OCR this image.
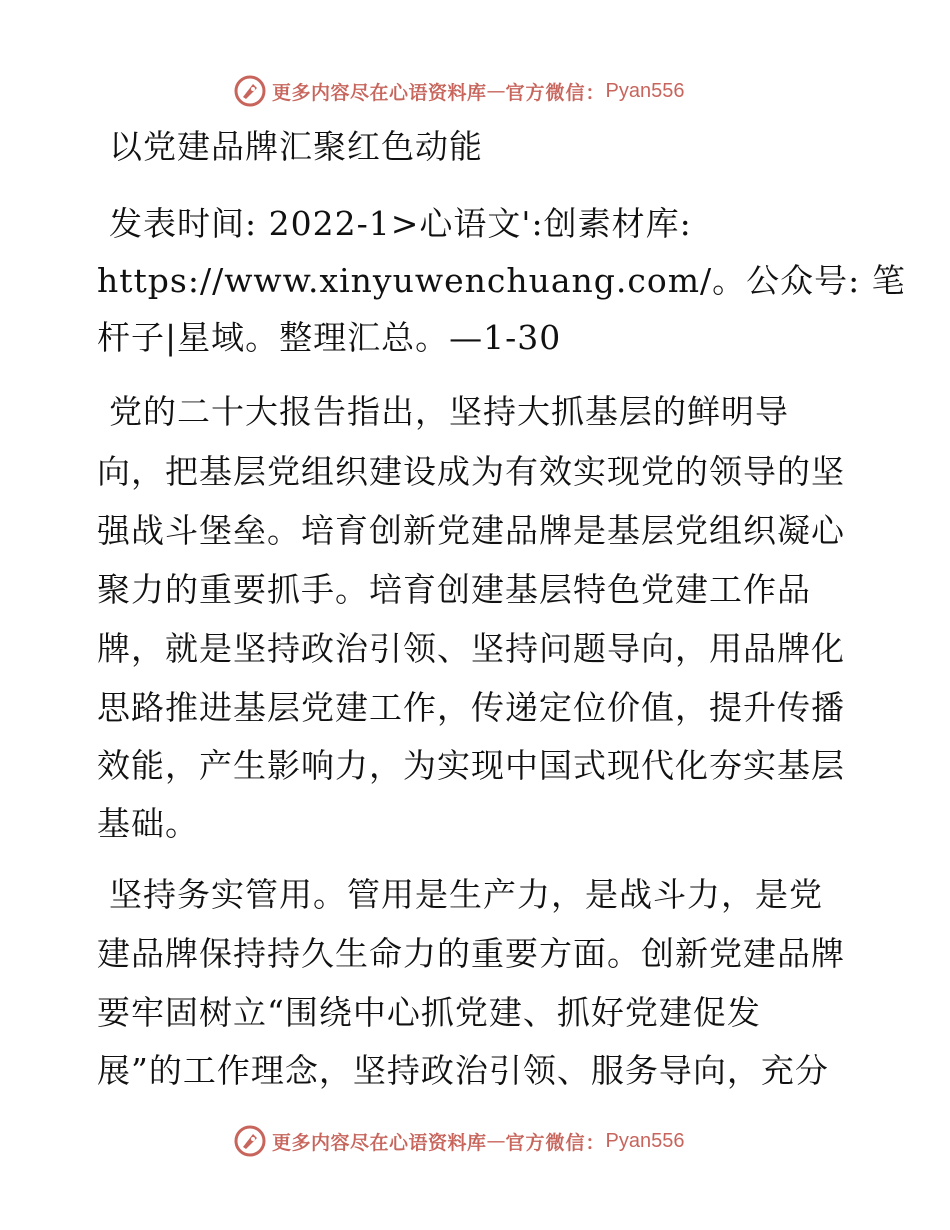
更多内容尽在心语资料库 — 官方微信： Pyan556
以党建品牌汇聚红色动能
发表时间: 2022-1>心语文':创素材库:
https://www.xinyuwenchuang.com/。公众号: 笔
杆子|星域。整理汇总。—1-30
党的二十大报告指出，坚持大抓基层的鲜明导
向，把基层党组织建设成为有效实现党的领导的坚
强战斗堡垒。培育创新党建品牌是基层党组织凝心
聚力的重要抓手。培育创建基层特色党建工作品
牌，就是坚持政治引领、坚持问题导向，用品牌化
思路推进基层党建工作，传递定位价值，提升传播
效能，产生影响力，为实现中国式现代化夯实基层
基础。
坚持务实管用。管用是生产力，是战斗力，是党
建品牌保持持久生命力的重要方面。创新党建品牌
要牢固树立“围绕中心抓党建、抓好党建促发
展”的工作理念，坚持政治引领、服务导向，充分
更多内容尽在心语资料库 — 官方微信： Pyan556
